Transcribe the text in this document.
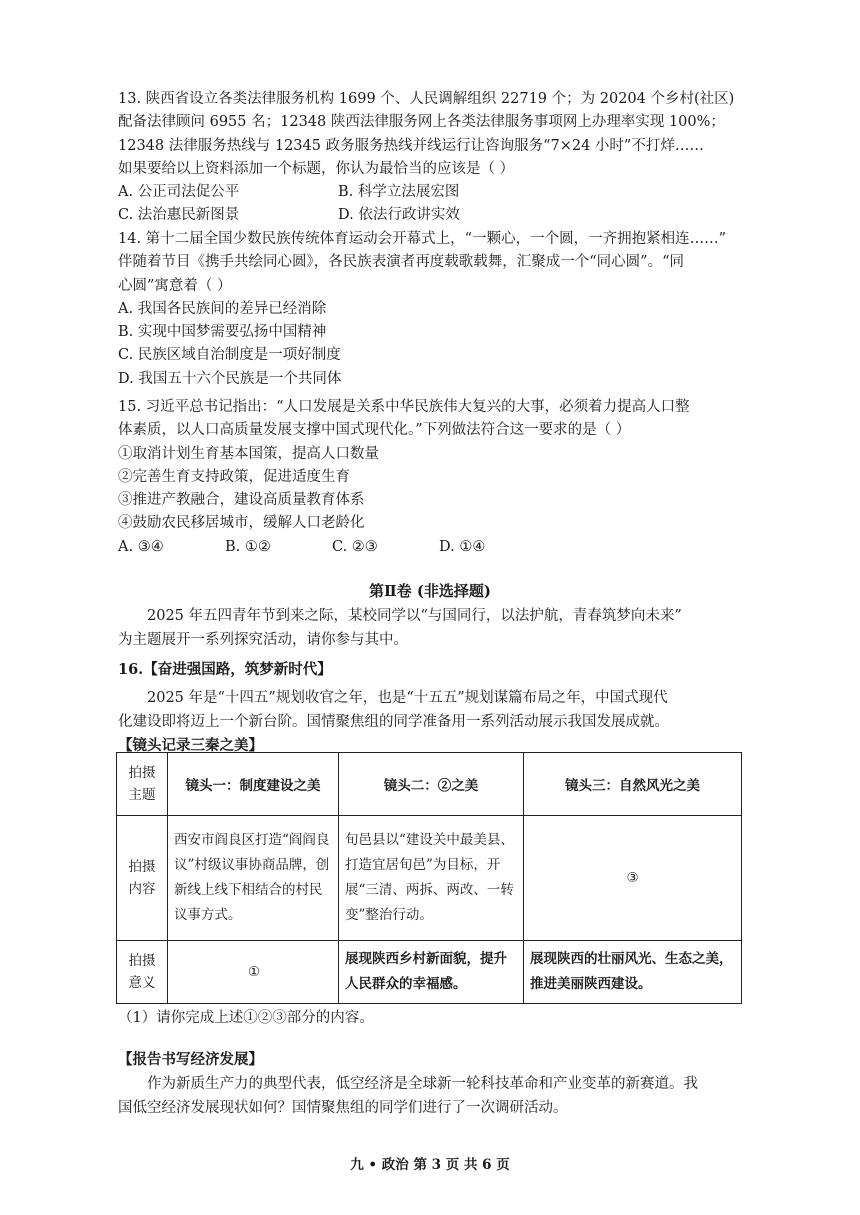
13. 陕西省设立各类法律服务机构 1699 个、人民调解组织 22719 个；为 20204 个乡村(社区)
配备法律顾问 6955 名；12348 陕西法律服务网上各类法律服务事项网上办理率实现 100%；
12348 法律服务热线与 12345 政务服务热线并线运行让咨询服务“7×24 小时”不打烊……
如果要给以上资料添加一个标题，你认为最恰当的应该是（ ）
A. 公正司法促公平	B. 科学立法展宏图
C. 法治惠民新图景	D. 依法行政讲实效
14. 第十二届全国少数民族传统体育运动会开幕式上，“一颗心，一个圆，一齐拥抱紧相连……”
伴随着节目《携手共绘同心圆》，各民族表演者再度载歌载舞，汇聚成一个“同心圆”。“同
心圆”寓意着（ ）
A. 我国各民族间的差异已经消除
B. 实现中国梦需要弘扬中国精神
C. 民族区域自治制度是一项好制度
D. 我国五十六个民族是一个共同体
15. 习近平总书记指出：“人口发展是关系中华民族伟大复兴的大事，必须着力提高人口整
体素质，以人口高质量发展支撑中国式现代化。”下列做法符合这一要求的是（ ）
①取消计划生育基本国策，提高人口数量
②完善生育支持政策，促进适度生育
③推进产教融合，建设高质量教育体系
④鼓励农民移居城市，缓解人口老龄化
A. ③④	B. ①②	C. ②③	D. ①④
第Ⅱ卷 (非选择题)
2025 年五四青年节到来之际，某校同学以“与国同行，以法护航，青春筑梦向未来”
为主题展开一系列探究活动，请你参与其中。
16.【奋进强国路，筑梦新时代】
2025 年是“十四五”规划收官之年，也是“十五五”规划谋篇布局之年，中国式现代
化建设即将迈上一个新台阶。国情聚焦组的同学准备用一系列活动展示我国发展成就。
【镜头记录三秦之美】
拍摄
主题	镜头一：制度建设之美	镜头二：②之美	镜头三：自然风光之美

拍摄
内容	西安市阎良区打造“阎阎良议”村级议事协商品牌，创新线上线下相结合的村民议事方式。	旬邑县以“建设关中最美县、打造宜居旬邑”为目标，开展“三清、两拆、两改、一转变”整治行动。	③

拍摄
意义	①	展现陕西乡村新面貌，提升人民群众的幸福感。	展现陕西的壮丽风光、生态之美，推进美丽陕西建设。
（1）请你完成上述①②③部分的内容。
【报告书写经济发展】
作为新质生产力的典型代表，低空经济是全球新一轮科技革命和产业变革的新赛道。我
国低空经济发展现状如何？国情聚焦组的同学们进行了一次调研活动。
九 • 政治 第 3 页 共 6 页
